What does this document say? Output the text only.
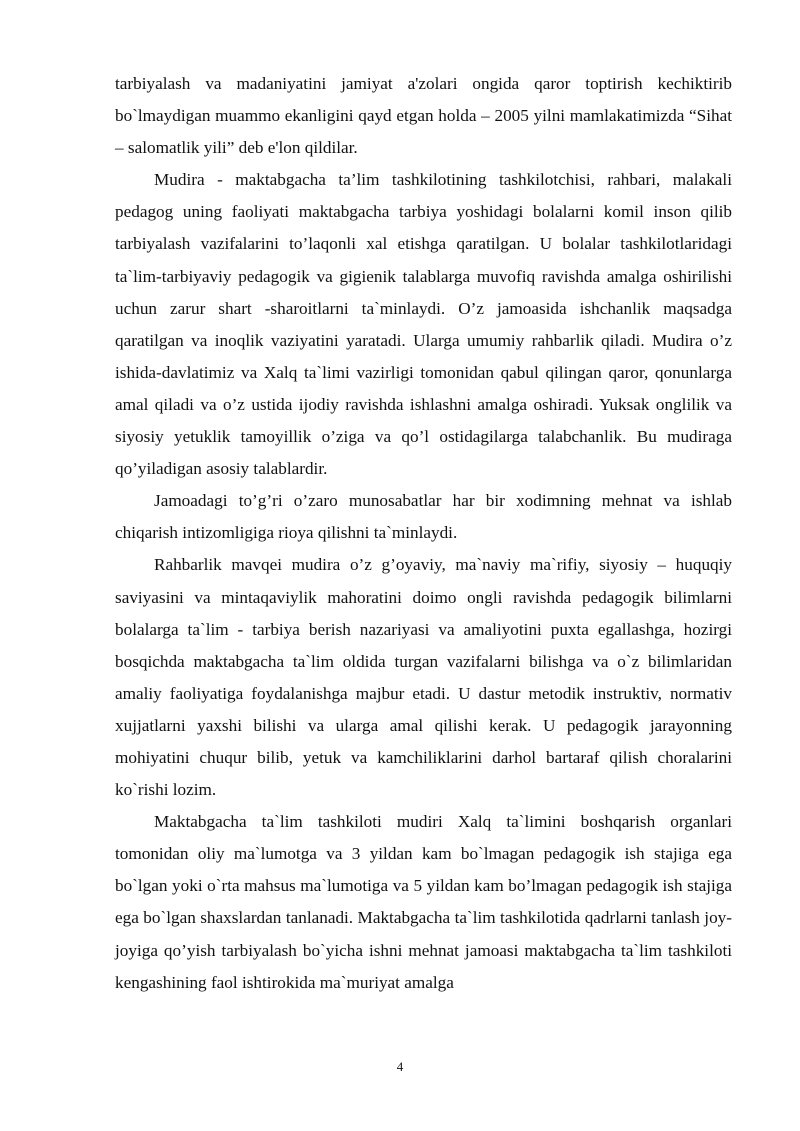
tarbiyalash va madaniyatini jamiyat a'zolari ongida qaror toptirish kechiktirib bo`lmaydigan muammo ekanligini qayd etgan holda – 2005 yilni mamlakatimizda “Sihat – salomatlik yili” deb e'lon qildilar.

Mudira - maktabgacha ta’lim tashkilotining tashkilotchisi, rahbari, malakali pedagog uning faoliyati maktabgacha tarbiya yoshidagi bolalarni komil inson qilib tarbiyalash vazifalarini to’laqonli xal etishga qaratilgan. U bolalar tashkilotlaridagi ta`lim-tarbiyaviy pedagogik va gigienik talablarga muvofiq ravishda amalga oshirilishi uchun zarur shart -sharoitlarni ta`minlaydi. O’z jamoasida ishchanlik maqsadga qaratilgan va inoqlik vaziyatini yaratadi. Ularga umumiy rahbarlik qiladi. Mudira o’z ishida-davlatimiz va Xalq ta`limi vazirligi tomonidan qabul qilingan qaror, qonunlarga amal qiladi va o’z ustida ijodiy ravishda ishlashni amalga oshiradi. Yuksak onglilik va siyosiy yetuklik tamoyillik o’ziga va qo’l ostidagilarga talabchanlik. Bu mudiraga qo’yiladigan asosiy talablardir.

Jamoadagi to’g’ri o’zaro munosabatlar har bir xodimning mehnat va ishlab chiqarish intizomligiga rioya qilishni ta`minlaydi.

Rahbarlik mavqei mudira o’z g’oyaviy, ma`naviy ma`rifiy, siyosiy – huquqiy saviyasini va mintaqaviylik mahoratini doimo ongli ravishda pedagogik bilimlarni bolalarga ta`lim - tarbiya berish nazariyasi va amaliyotini puxta egallashga, hozirgi bosqichda maktabgacha ta`lim oldida turgan vazifalarni bilishga va o`z bilimlaridan amaliy faoliyatiga foydalanishga majbur etadi. U dastur metodik instruktiv, normativ xujjatlarni yaxshi bilishi va ularga amal qilishi kerak. U pedagogik jarayonning mohiyatini chuqur bilib, yetuk va kamchiliklarini darhol bartaraf qilish choralarini ko`rishi lozim.

Maktabgacha ta`lim tashkiloti mudiri Xalq ta`limini boshqarish organlari tomonidan oliy ma`lumotga va 3 yildan kam bo`lmagan pedagogik ish stajiga ega bo`lgan yoki o`rta mahsus ma`lumotiga va 5 yildan kam bo’lmagan pedagogik ish stajiga ega bo`lgan shaxslardan tanlanadi. Maktabgacha ta`lim tashkilotida qadrlarni tanlash joy-joyiga qo’yish tarbiyalash bo`yicha ishni mehnat jamoasi maktabgacha ta`lim tashkiloti kengashining faol ishtirokida ma`muriyat amalga

4
